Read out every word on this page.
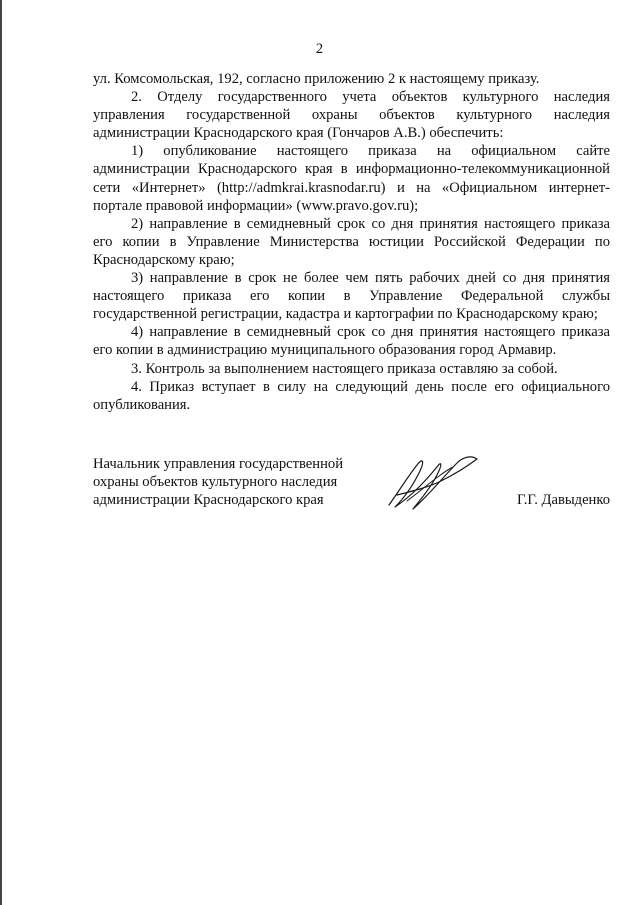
2

ул. Комсомольская, 192, согласно приложению 2 к настоящему приказу.

2. Отделу государственного учета объектов культурного наследия управления государственной охраны объектов культурного наследия администрации Краснодарского края (Гончаров А.В.) обеспечить:

1) опубликование настоящего приказа на официальном сайте администрации Краснодарского края в информационно-телекоммуникационной сети «Интернет» (http://admkrai.krasnodar.ru) и на «Официальном интернет-портале правовой информации» (www.pravo.gov.ru);

2) направление в семидневный срок со дня принятия настоящего приказа его копии в Управление Министерства юстиции Российской Федерации по Краснодарскому краю;

3) направление в срок не более чем пять рабочих дней со дня принятия настоящего приказа его копии в Управление Федеральной службы государственной регистрации, кадастра и картографии по Краснодарскому краю;

4) направление в семидневный срок со дня принятия настоящего приказа его копии в администрацию муниципального образования город Армавир.

3. Контроль за выполнением настоящего приказа оставляю за собой.

4. Приказ вступает в силу на следующий день после его официального опубликования.

Начальник управления государственной
охраны объектов культурного наследия
администрации Краснодарского края	Г.Г. Давыденко
